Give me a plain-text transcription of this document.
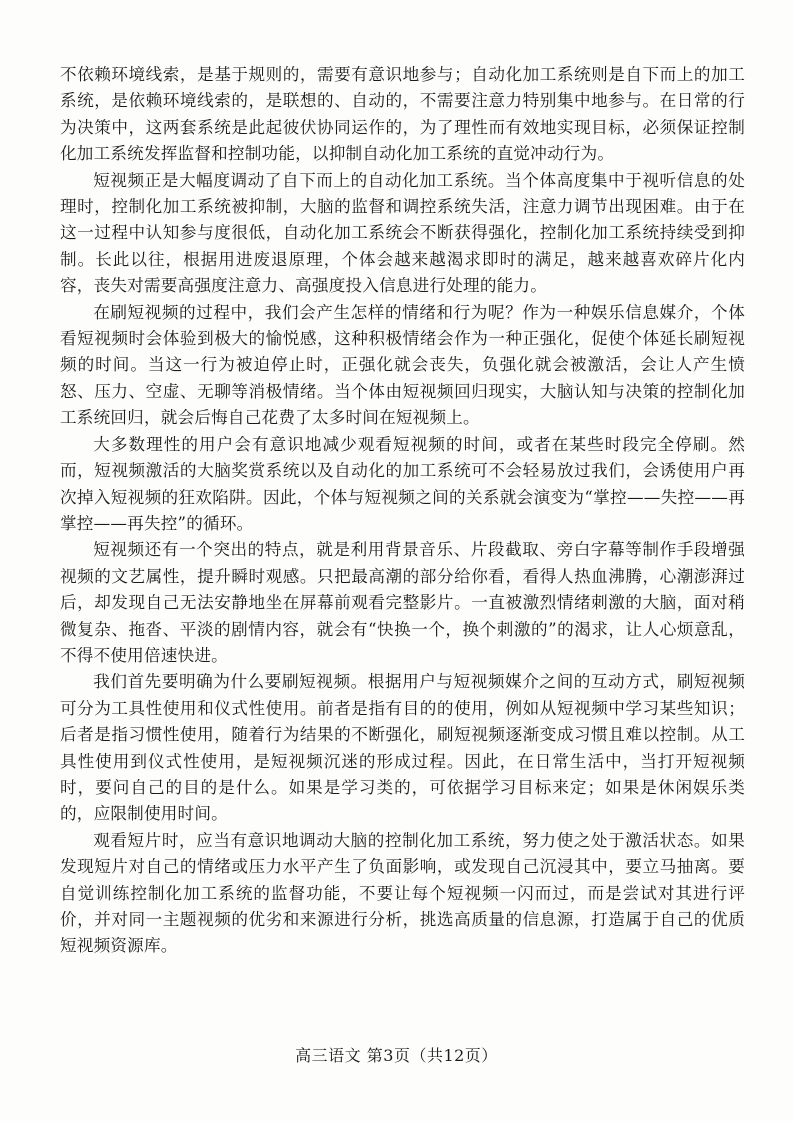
不依赖环境线索，是基于规则的，需要有意识地参与；自动化加工系统则是自下而上的加工系统，是依赖环境线索的，是联想的、自动的，不需要注意力特别集中地参与。在日常的行为决策中，这两套系统是此起彼伏协同运作的，为了理性而有效地实现目标，必须保证控制化加工系统发挥监督和控制功能，以抑制自动化加工系统的直觉冲动行为。

短视频正是大幅度调动了自下而上的自动化加工系统。当个体高度集中于视听信息的处理时，控制化加工系统被抑制，大脑的监督和调控系统失活，注意力调节出现困难。由于在这一过程中认知参与度很低，自动化加工系统会不断获得强化，控制化加工系统持续受到抑制。长此以往，根据用进废退原理，个体会越来越渴求即时的满足，越来越喜欢碎片化内容，丧失对需要高强度注意力、高强度投入信息进行处理的能力。

在刷短视频的过程中，我们会产生怎样的情绪和行为呢？作为一种娱乐信息媒介，个体看短视频时会体验到极大的愉悦感，这种积极情绪会作为一种正强化，促使个体延长刷短视频的时间。当这一行为被迫停止时，正强化就会丧失，负强化就会被激活，会让人产生愤怒、压力、空虚、无聊等消极情绪。当个体由短视频回归现实，大脑认知与决策的控制化加工系统回归，就会后悔自己花费了太多时间在短视频上。

大多数理性的用户会有意识地减少观看短视频的时间，或者在某些时段完全停刷。然而，短视频激活的大脑奖赏系统以及自动化的加工系统可不会轻易放过我们，会诱使用户再次掉入短视频的狂欢陷阱。因此，个体与短视频之间的关系就会演变为“掌控——失控——再掌控——再失控”的循环。

短视频还有一个突出的特点，就是利用背景音乐、片段截取、旁白字幕等制作手段增强视频的文艺属性，提升瞬时观感。只把最高潮的部分给你看，看得人热血沸腾，心潮澎湃过后，却发现自己无法安静地坐在屏幕前观看完整影片。一直被激烈情绪刺激的大脑，面对稍微复杂、拖沓、平淡的剧情内容，就会有“快换一个，换个刺激的”的渴求，让人心烦意乱，不得不使用倍速快进。

我们首先要明确为什么要刷短视频。根据用户与短视频媒介之间的互动方式，刷短视频可分为工具性使用和仪式性使用。前者是指有目的的使用，例如从短视频中学习某些知识；后者是指习惯性使用，随着行为结果的不断强化，刷短视频逐渐变成习惯且难以控制。从工具性使用到仪式性使用，是短视频沉迷的形成过程。因此，在日常生活中，当打开短视频时，要问自己的目的是什么。如果是学习类的，可依据学习目标来定；如果是休闲娱乐类的，应限制使用时间。

观看短片时，应当有意识地调动大脑的控制化加工系统，努力使之处于激活状态。如果发现短片对自己的情绪或压力水平产生了负面影响，或发现自己沉浸其中，要立马抽离。要自觉训练控制化加工系统的监督功能，不要让每个短视频一闪而过，而是尝试对其进行评价，并对同一主题视频的优劣和来源进行分析，挑选高质量的信息源，打造属于自己的优质短视频资源库。

高三语文 第3页（共12页）
